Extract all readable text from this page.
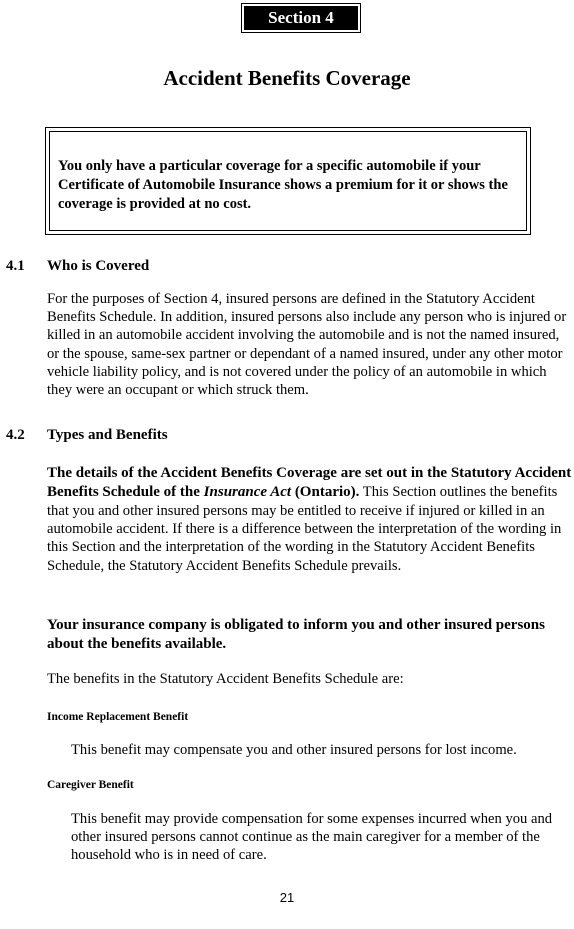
Section 4
Accident Benefits Coverage
You only have a particular coverage for a specific automobile if your Certificate of Automobile Insurance shows a premium for it or shows the coverage is provided at no cost.
4.1 Who is Covered

For the purposes of Section 4, insured persons are defined in the Statutory Accident Benefits Schedule. In addition, insured persons also include any person who is injured or killed in an automobile accident involving the automobile and is not the named insured, or the spouse, same-sex partner or dependant of a named insured, under any other motor vehicle liability policy, and is not covered under the policy of an automobile in which they were an occupant or which struck them.

4.2 Types and Benefits

The details of the Accident Benefits Coverage are set out in the Statutory Accident Benefits Schedule of the Insurance Act (Ontario). This Section outlines the benefits that you and other insured persons may be entitled to receive if injured or killed in an automobile accident. If there is a difference between the interpretation of the wording in this Section and the interpretation of the wording in the Statutory Accident Benefits Schedule, the Statutory Accident Benefits Schedule prevails.

Your insurance company is obligated to inform you and other insured persons about the benefits available.

The benefits in the Statutory Accident Benefits Schedule are:

Income Replacement Benefit

This benefit may compensate you and other insured persons for lost income.

Caregiver Benefit

This benefit may provide compensation for some expenses incurred when you and other insured persons cannot continue as the main caregiver for a member of the household who is in need of care.

21
